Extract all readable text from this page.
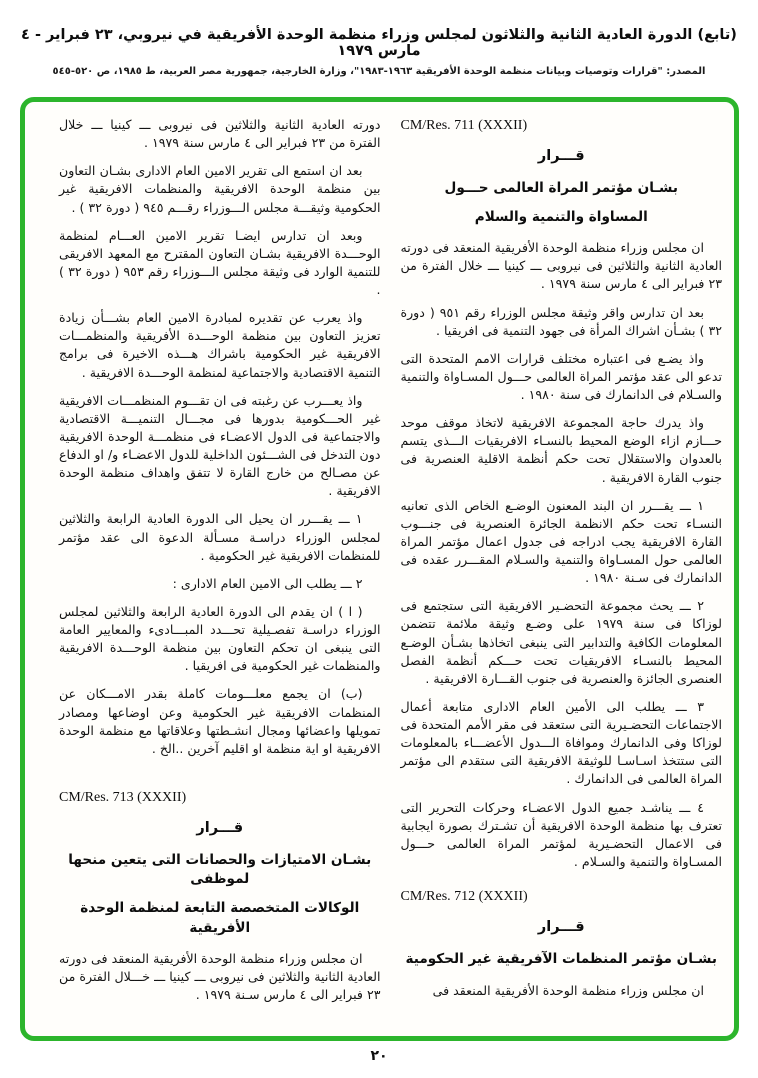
(تابع) الدورة العادية الثانية والثلاثون لمجلس وزراء منظمة الوحدة الأفريقية في نيروبي، ٢٣ فبراير - ٤ مارس ١٩٧٩
المصدر: "قرارات وتوصيات وبيانات منظمة الوحدة الأفريقية ١٩٦٣-١٩٨٣"، وزارة الخارجية، جمهورية مصر العربية، ط ١٩٨٥، ص ٥٢٠-٥٤٥
CM/Res. 711 (XXXII)
قـــرار
بشـان مؤتمر المراة العالمى حـــول
المساواة والتنمية والسلام

ان مجلس وزراء منظمة الوحدة الأفريقية المنعقد فى دورته العادية الثانية والثلاثين فى نيروبى ـــ كينيا ـــ خلال الفترة من ٢٣ فبراير الى ٤ مارس سنة ١٩٧٩ .

بعد ان تدارس واقر وثيقة مجلس الوزراء رقم ٩٥١ ( دورة ٣٢ ) بشـأن اشراك المرأة فى جهود التنمية فى افريقيا .

واذ يضـع فى اعتباره مختلف قرارات الامم المتحدة التى تدعو الى عقد مؤتمر المراة العالمى حـــول المسـاواة والتنمية والسـلام فى الدانمارك فى سنة ١٩٨٠ .

واذ يدرك حاجة المجموعة الافريقية لاتخاذ موقف موحد حـــازم ازاء الوضع المحيط بالنسـاء الافريقيات الـــذى يتسم بالعدوان والاستقلال تحت حكم أنظمة الاقلية العنصرية فى جنوب القارة الافريقية .

١ ـــ يقـــرر ان البند المعنون الوضـع الخاص الذى تعانيه النسـاء تحت حكم الانظمة الجائرة العنصرية فى جنـــوب القارة الافريقية يجب ادراجه فى جدول اعمال مؤتمر المراة العالمى حول المسـاواة والتنمية والسـلام المقـــرر عقده فى الدانمارك فى سـنة ١٩٨٠ .

٢ ـــ يحث مجموعة التحضـير الافريقية التى ستجتمع فى لوزاكا فى سنة ١٩٧٩ على وضـع وثيقة ملائمة تتضمن المعلومات الكافية والتدابير التى ينبغى اتخاذها بشـأن الوضـع المحيط بالنسـاء الافريقيات تحت حـــكم أنظمة الفصل العنصرى الجائزة والعنصرية فى جنوب القـــارة الافريقية .

٣ ـــ يطلب الى الأمين العام الادارى متابعة أعمال الاجتماعات التحضـيرية التى ستعقد فى مقر الأمم المتحدة فى لوزاكا وفى الدانمارك وموافاة الـــدول الأعضـــاء بالمعلومات التى ستتخذ اسـاسـا للوثيقة الافريقية التى ستقدم الى مؤتمر المراة العالمى فى الدانمارك .

٤ ـــ يناشـد جميع الدول الاعضـاء وحركات التحرير التى تعترف بها منظمة الوحدة الافريقية أن تشـترك بصورة ايجابية فى الاعمال التحضـيرية لمؤتمر المراة العالمى حـــول المسـاواة والتنمية والسـلام .

CM/Res. 712 (XXXII)
قـــرار
بشـان مؤتمر المنظمات الآفريقية غير الحكومية

ان مجلس وزراء منظمة الوحدة الأفريقية المنعقد فى

دورته العادية الثانية والثلاثين فى نيروبى ـــ كينيا ـــ خلال الفترة من ٢٣ فبراير الى ٤ مارس سنة ١٩٧٩ .

بعد ان استمع الى تقرير الامين العام الادارى بشـان التعاون بين منظمة الوحدة الافريقية والمنظمات الافريقية غير الحكومية وثيقـــة مجلس الـــوزراء رقـــم ٩٤٥ ( دورة ٣٢ ) .

وبعد ان تدارس ايضـا تقرير الامين العـــام لمنظمة الوحـــدة الافريقية بشـان التعاون المقترح مع المعهد الافريقى للتنمية الوارد فى وثيقة مجلس الـــوزراء رقم ٩٥٣ ( دورة ٣٢ ) .

واذ يعرب عن تقديره لمبادرة الامين العام بشـــأن زيادة تعزيز التعاون بين منظمة الوحـــدة الأفريقية والمنظمـــات الافريقية غير الحكومية باشراك هـــذه الاخيرة فى برامج التنمية الاقتصادية والاجتماعية لمنظمة الوحـــدة الافريقية .

واذ يعـــرب عن رغبته فى ان تقـــوم المنظمـــات الافريقية غير الحـــكومية بدورها فى مجـــال التنميـــة الاقتصادية والاجتماعية فى الدول الاعضـاء فى منظمـــة الوحدة الافريقية دون التدخل فى الشـــئون الداخلية للدول الاعضـاء و/ او الدفاع عن مصـالح من خارج القارة لا تتفق واهداف منظمة الوحدة الافريقية .

١ ـــ يقـــرر ان يحيل الى الدورة العادية الرابعة والثلاثين لمجلس الوزراء دراسـة مسـألة الدعوة الى عقد مؤتمر للمنظمات الافريقية غير الحكومية .

٢ ـــ يطلب الى الامين العام الادارى :

( ا ) ان يقدم الى الدورة العادية الرابعة والثلاثين لمجلس الوزراء دراسـة تفصـيلية تحـــدد المبـــادىء والمعايير العامة التى ينبغى ان تحكم التعاون بين منظمة الوحـــدة الافريقية والمنظمات غير الحكومية فى افريقيا .

(ب) ان يجمع معلـــومات كاملة بقدر الامـــكان عن المنظمات الافريقية غير الحكومية وعن اوضاعها ومصادر تمويلها واعضائها ومجال انشـطتها وعلاقاتها مع منظمة الوحدة الافريقية او اية منظمة او اقليم آخرين ..الخ .

CM/Res. 713 (XXXII)
قـــرار
بشـان الامتيازات والحصانات التى يتعين منحها لموظفى
الوكالات المتخصصة التابعة لمنظمة الوحدة الأفريقية

ان مجلس وزراء منظمة الوحدة الأفريقية المنعقد فى دورته العادية الثانية والثلاثين فى نيروبى ـــ كينيا ـــ خـــلال الفترة من ٢٣ فبراير الى ٤ مارس سـنة ١٩٧٩ .

٢٠
